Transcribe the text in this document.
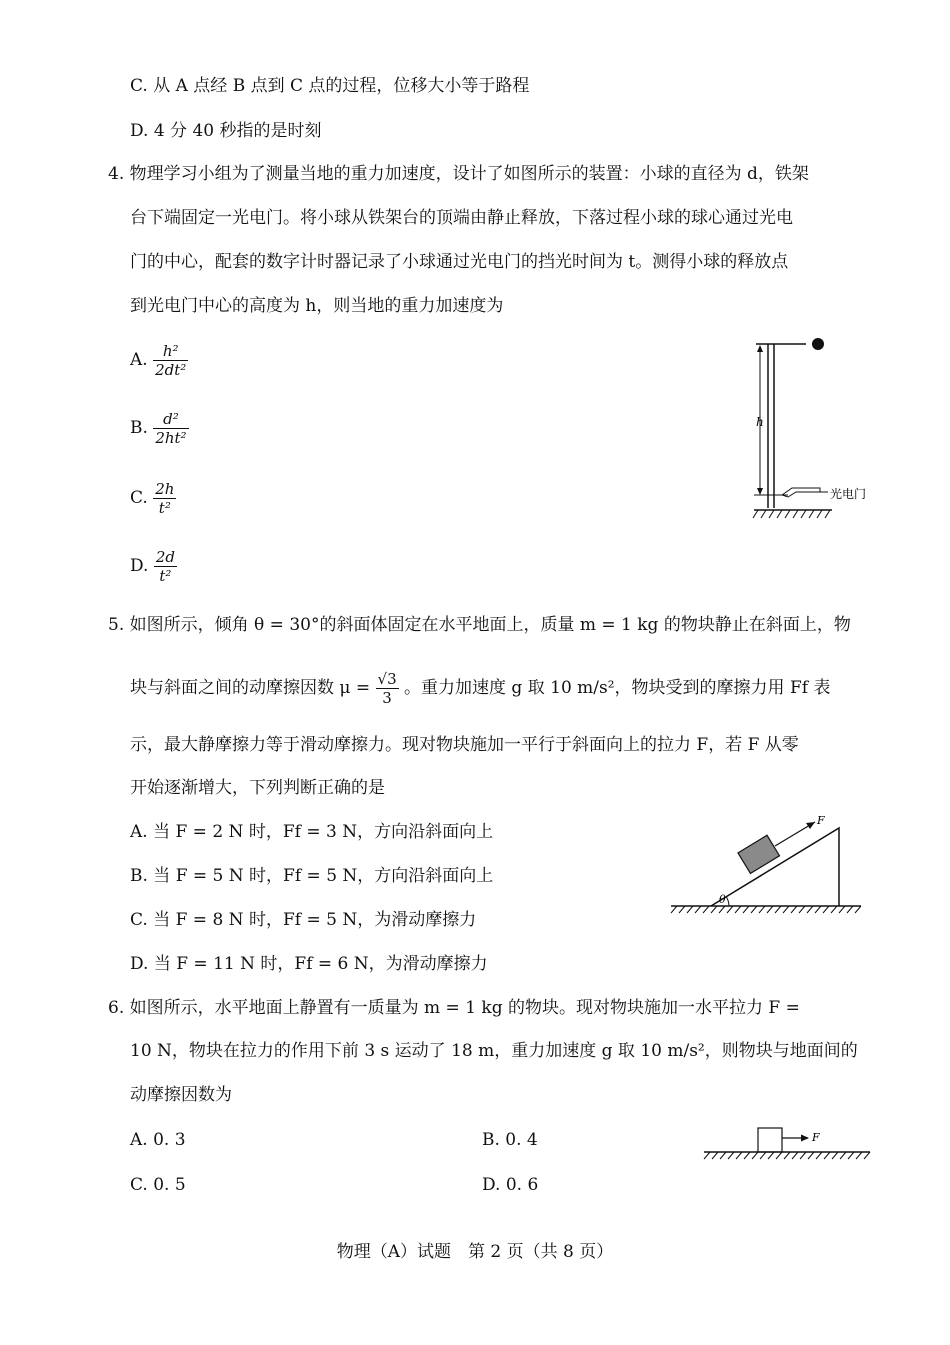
C. 从 A 点经 B 点到 C 点的过程，位移大小等于路程
D. 4 分 40 秒指的是时刻
4. 物理学习小组为了测量当地的重力加速度，设计了如图所示的装置：小球的直径为 d，铁架
台下端固定一光电门。将小球从铁架台的顶端由静止释放，下落过程小球的球心通过光电
门的中心，配套的数字计时器记录了小球通过光电门的挡光时间为 t。测得小球的释放点
到光电门中心的高度为 h，则当地的重力加速度为
A. $\frac{\text{h²}}{\text{2dt²}}$
B. $\frac{\text{d²}}{\text{2ht²}}$
C. $\frac{2h}{\text{t²}}$
D. $\frac{2d}{\text{t²}}$
h
光电门
5. 如图所示，倾角 θ = 30°的斜面体固定在水平地面上，质量 m = 1 kg 的物块静止在斜面上，物
块与斜面之间的动摩擦因数 $\mu = \frac{√3}{3}$ 。重力加速度 g 取 10 m/s²，物块受到的摩擦力用 Ff 表
示，最大静摩擦力等于滑动摩擦力。现对物块施加一平行于斜面向上的拉力 F，若 F 从零
开始逐渐增大，下列判断正确的是
A. 当 F = 2 N 时，Ff = 3 N，方向沿斜面向上
B. 当 F = 5 N 时，Ff = 5 N，方向沿斜面向上
C. 当 F = 8 N 时，Ff = 5 N，为滑动摩擦力
D. 当 F = 11 N 时，Ff = 6 N，为滑动摩擦力
θ
F
6. 如图所示，水平地面上静置有一质量为 m = 1 kg 的物块。现对物块施加一水平拉力 F =
10 N，物块在拉力的作用下前 3 s 运动了 18 m，重力加速度 g 取 10 m/s²，则物块与地面间的
动摩擦因数为
A. 0. 3	B. 0. 4
C. 0. 5	D. 0. 6
F
物理（A）试题　第 2 页（共 8 页）
